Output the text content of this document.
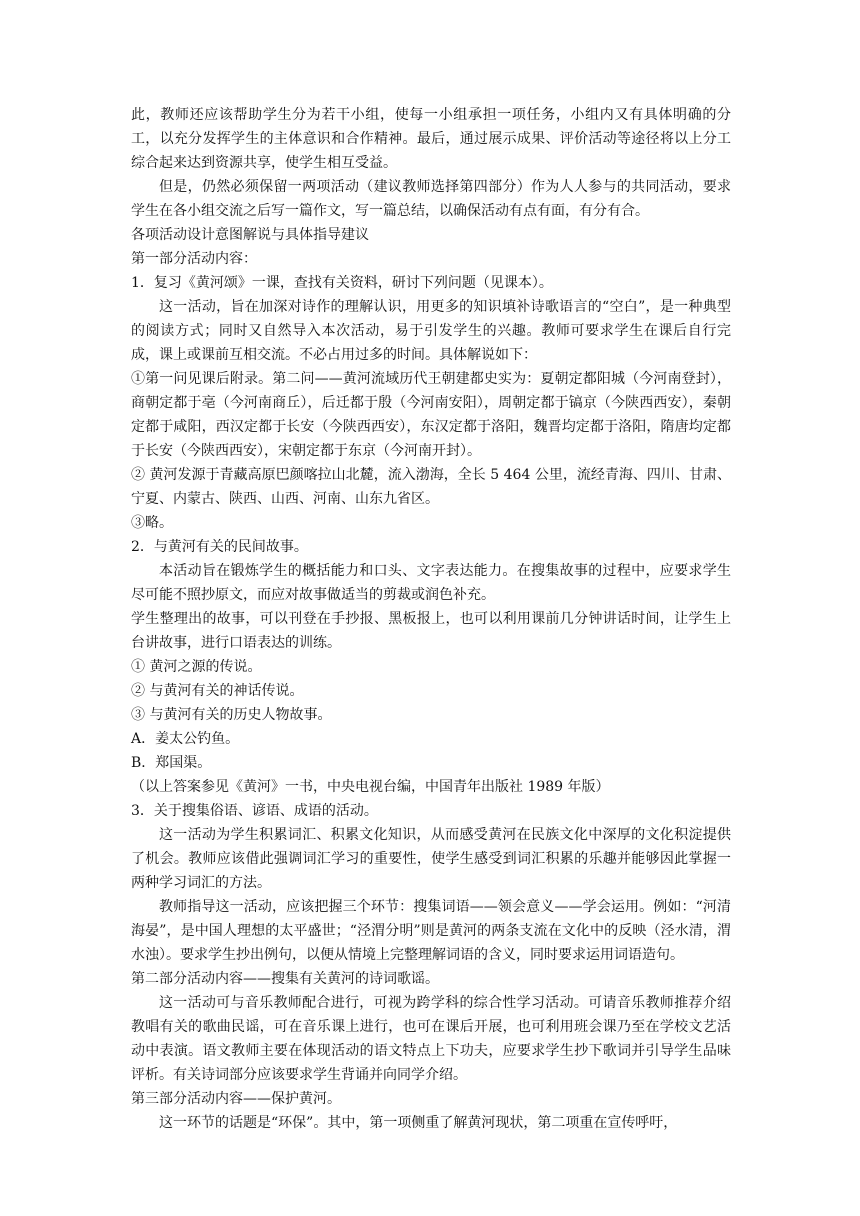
此，教师还应该帮助学生分为若干小组，使每一小组承担一项任务，小组内又有具体明确的分工，以充分发挥学生的主体意识和合作精神。最后，通过展示成果、评价活动等途径将以上分工综合起来达到资源共享，使学生相互受益。

但是，仍然必须保留一两项活动（建议教师选择第四部分）作为人人参与的共同活动，要求学生在各小组交流之后写一篇作文，写一篇总结，以确保活动有点有面，有分有合。

各项活动设计意图解说与具体指导建议

第一部分活动内容：

1．复习《黄河颂》一课，查找有关资料，研讨下列问题（见课本）。

这一活动，旨在加深对诗作的理解认识，用更多的知识填补诗歌语言的“空白”，是一种典型的阅读方式；同时又自然导入本次活动，易于引发学生的兴趣。教师可要求学生在课后自行完成，课上或课前互相交流。不必占用过多的时间。具体解说如下：

①第一问见课后附录。第二问——黄河流域历代王朝建都史实为：夏朝定都阳城（今河南登封），商朝定都于亳（今河南商丘），后迁都于殷（今河南安阳），周朝定都于镐京（今陕西西安），秦朝定都于咸阳，西汉定都于长安（今陕西西安），东汉定都于洛阳，魏晋均定都于洛阳，隋唐均定都于长安（今陕西西安），宋朝定都于东京（今河南开封）。

② 黄河发源于青藏高原巴颜喀拉山北麓，流入渤海，全长 5 464 公里，流经青海、四川、甘肃、宁夏、内蒙古、陕西、山西、河南、山东九省区。

③略。

2．与黄河有关的民间故事。

本活动旨在锻炼学生的概括能力和口头、文字表达能力。在搜集故事的过程中，应要求学生尽可能不照抄原文，而应对故事做适当的剪裁或润色补充。

学生整理出的故事，可以刊登在手抄报、黑板报上，也可以利用课前几分钟讲话时间，让学生上台讲故事，进行口语表达的训练。

① 黄河之源的传说。

② 与黄河有关的神话传说。

③ 与黄河有关的历史人物故事。

A．姜太公钓鱼。

B．郑国渠。

（以上答案参见《黄河》一书，中央电视台编，中国青年出版社 1989 年版）

3．关于搜集俗语、谚语、成语的活动。

这一活动为学生积累词汇、积累文化知识，从而感受黄河在民族文化中深厚的文化积淀提供了机会。教师应该借此强调词汇学习的重要性，使学生感受到词汇积累的乐趣并能够因此掌握一两种学习词汇的方法。

教师指导这一活动，应该把握三个环节：搜集词语——领会意义——学会运用。例如：“河清海晏”，是中国人理想的太平盛世；“泾渭分明”则是黄河的两条支流在文化中的反映（泾水清，渭水浊）。要求学生抄出例句，以便从情境上完整理解词语的含义，同时要求运用词语造句。

第二部分活动内容——搜集有关黄河的诗词歌谣。

这一活动可与音乐教师配合进行，可视为跨学科的综合性学习活动。可请音乐教师推荐介绍教唱有关的歌曲民谣，可在音乐课上进行，也可在课后开展，也可利用班会课乃至在学校文艺活动中表演。语文教师主要在体现活动的语文特点上下功夫，应要求学生抄下歌词并引导学生品味评析。有关诗词部分应该要求学生背诵并向同学介绍。

第三部分活动内容——保护黄河。

这一环节的话题是“环保”。其中，第一项侧重了解黄河现状，第二项重在宣传呼吁，
